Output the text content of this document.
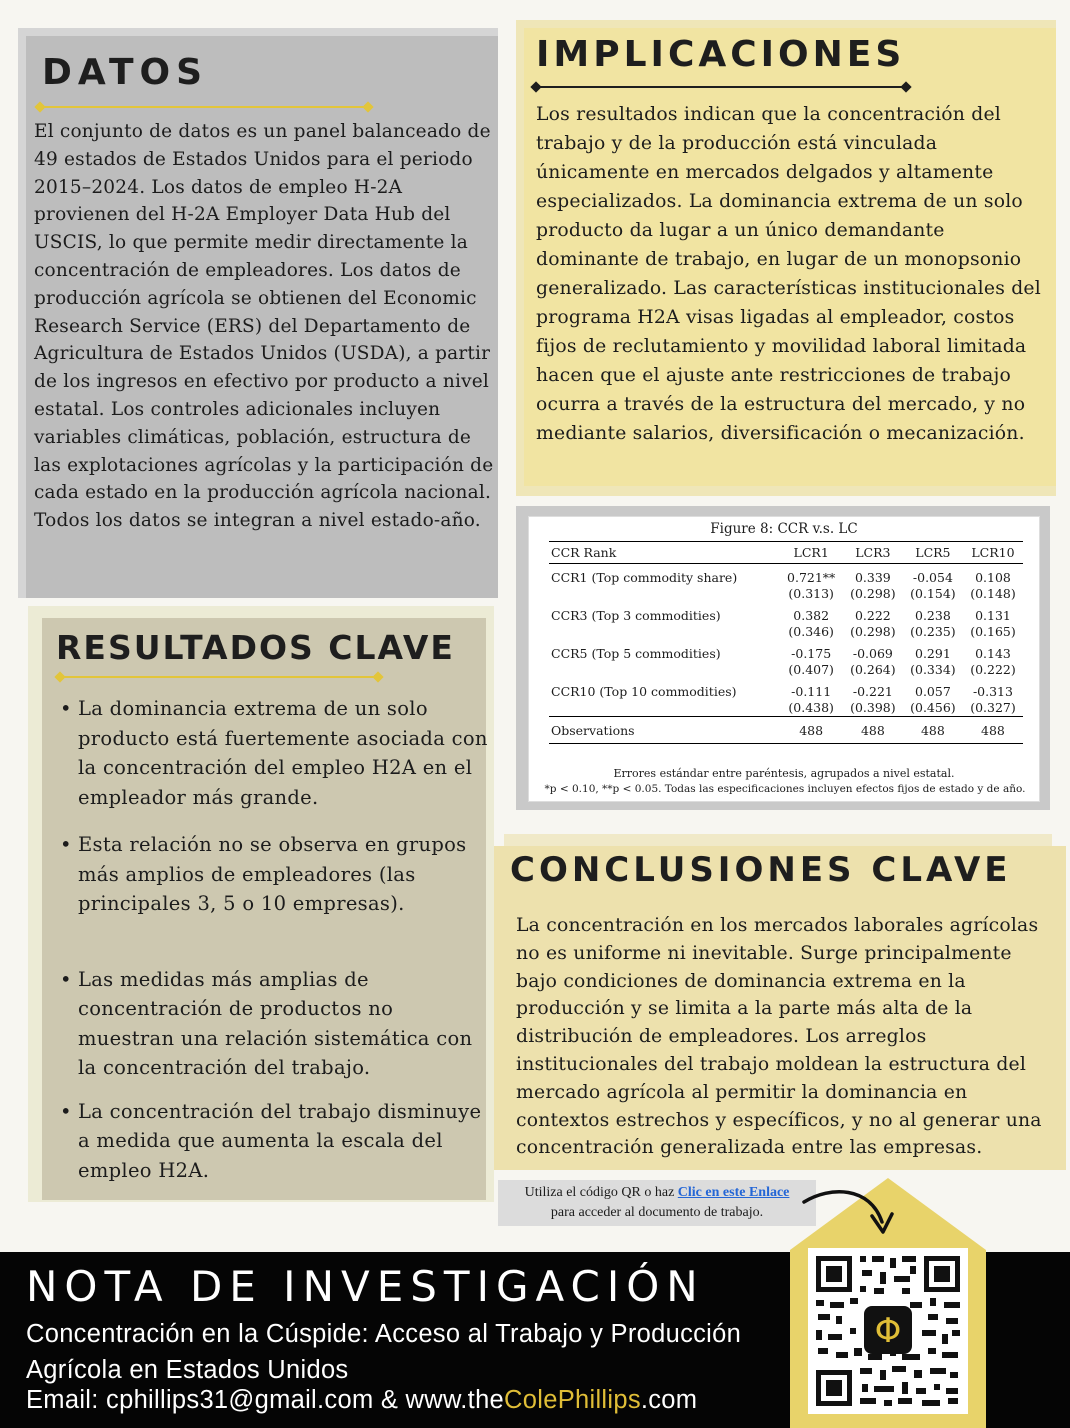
DATOS
El conjunto de datos es un panel balanceado de 49 estados de Estados Unidos para el periodo 2015–2024. Los datos de empleo H-2A provienen del H-2A Employer Data Hub del USCIS, lo que permite medir directamente la concentración de empleadores. Los datos de producción agrícola se obtienen del Economic Research Service (ERS) del Departamento de Agricultura de Estados Unidos (USDA), a partir de los ingresos en efectivo por producto a nivel estatal. Los controles adicionales incluyen variables climáticas, población, estructura de las explotaciones agrícolas y la participación de cada estado en la producción agrícola nacional. Todos los datos se integran a nivel estado-año.
IMPLICACIONES
Los resultados indican que la concentración del trabajo y de la producción está vinculada únicamente en mercados delgados y altamente especializados. La dominancia extrema de un solo producto da lugar a un único demandante dominante de trabajo, en lugar de un monopsonio generalizado. Las características institucionales del programa H2A visas ligadas al empleador, costos fijos de reclutamiento y movilidad laboral limitada hacen que el ajuste ante restricciones de trabajo ocurra a través de la estructura del mercado, y no mediante salarios, diversificación o mecanización.
Figure 8: CCR v.s. LC
CCR Rank	LCR1	LCR3	LCR5	LCR10
CCR1 (Top commodity share)	0.721**	0.339	-0.054	0.108
	(0.313)	(0.298)	(0.154)	(0.148)
CCR3 (Top 3 commodities)	0.382	0.222	0.238	0.131
	(0.346)	(0.298)	(0.235)	(0.165)
CCR5 (Top 5 commodities)	-0.175	-0.069	0.291	0.143
	(0.407)	(0.264)	(0.334)	(0.222)
CCR10 (Top 10 commodities)	-0.111	-0.221	0.057	-0.313
	(0.438)	(0.398)	(0.456)	(0.327)
Observations	488	488	488	488
Errores estándar entre paréntesis, agrupados a nivel estatal.
*p < 0.10, **p < 0.05. Todas las especificaciones incluyen efectos fijos de estado y de año.
RESULTADOS CLAVE
• La dominancia extrema de un solo producto está fuertemente asociada con la concentración del empleo H2A en el empleador más grande.
• Esta relación no se observa en grupos más amplios de empleadores (las principales 3, 5 o 10 empresas).
• Las medidas más amplias de concentración de productos no muestran una relación sistemática con la concentración del trabajo.
• La concentración del trabajo disminuye a medida que aumenta la escala del empleo H2A.
CONCLUSIONES CLAVE
La concentración en los mercados laborales agrícolas no es uniforme ni inevitable. Surge principalmente bajo condiciones de dominancia extrema en la producción y se limita a la parte más alta de la distribución de empleadores. Los arreglos institucionales del trabajo moldean la estructura del mercado agrícola al permitir la dominancia en contextos estrechos y específicos, y no al generar una concentración generalizada entre las empresas.
Utiliza el código QR o haz Clic en este Enlace
para acceder al documento de trabajo.
NOTA DE INVESTIGACIÓN
Concentración en la Cúspide: Acceso al Trabajo y Producción Agrícola en Estados Unidos
Email: cphillips31@gmail.com & www.theColePhillips.com
Φ
